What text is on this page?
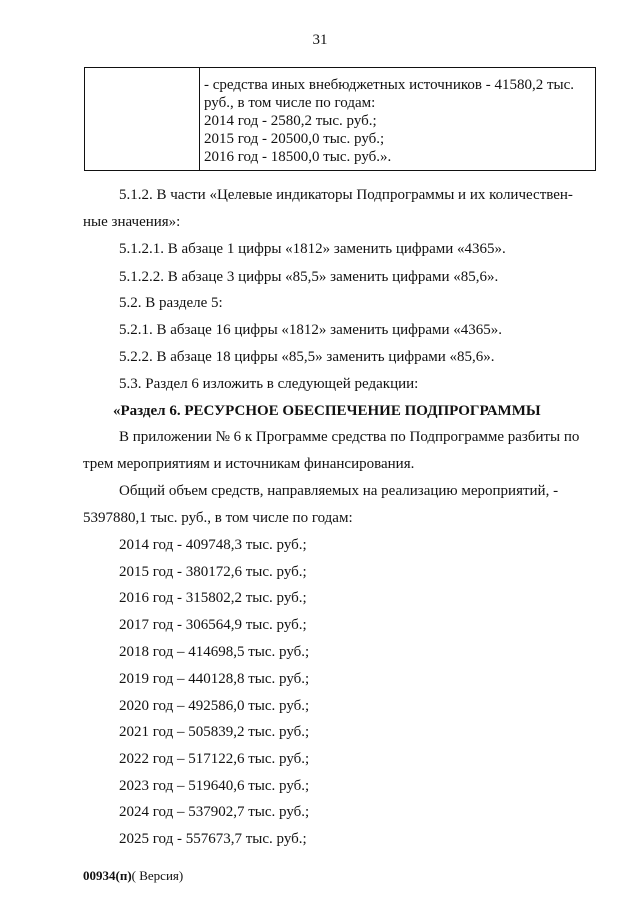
31

- средства иных внебюджетных источников - 41580,2 тыс.
руб., в том числе по годам:
2014 год - 2580,2 тыс. руб.;
2015 год - 20500,0 тыс. руб.;
2016 год - 18500,0 тыс. руб.».
5.1.2. В части «Целевые индикаторы Подпрограммы и их количествен-
ные значения»:
5.1.2.1. В абзаце 1 цифры «1812» заменить цифрами «4365».
5.1.2.2. В абзаце 3 цифры «85,5» заменить цифрами «85,6».
5.2. В разделе 5:
5.2.1. В абзаце 16 цифры «1812» заменить цифрами «4365».
5.2.2. В абзаце 18 цифры «85,5» заменить цифрами «85,6».
5.3. Раздел 6 изложить в следующей редакции:
«Раздел 6. РЕСУРСНОЕ ОБЕСПЕЧЕНИЕ ПОДПРОГРАММЫ
В приложении № 6 к Программе средства по Подпрограмме разбиты по
трем мероприятиям и источникам финансирования.
Общий объем средств, направляемых на реализацию мероприятий, -
5397880,1 тыс. руб., в том числе по годам:
2014 год - 409748,3 тыс. руб.;
2015 год - 380172,6 тыс. руб.;
2016 год - 315802,2 тыс. руб.;
2017 год - 306564,9 тыс. руб.;
2018 год – 414698,5 тыс. руб.;
2019 год – 440128,8 тыс. руб.;
2020 год – 492586,0 тыс. руб.;
2021 год – 505839,2 тыс. руб.;
2022 год – 517122,6 тыс. руб.;
2023 год – 519640,6 тыс. руб.;
2024 год – 537902,7 тыс. руб.;
2025 год - 557673,7 тыс. руб.;
00934(п)( Версия)
